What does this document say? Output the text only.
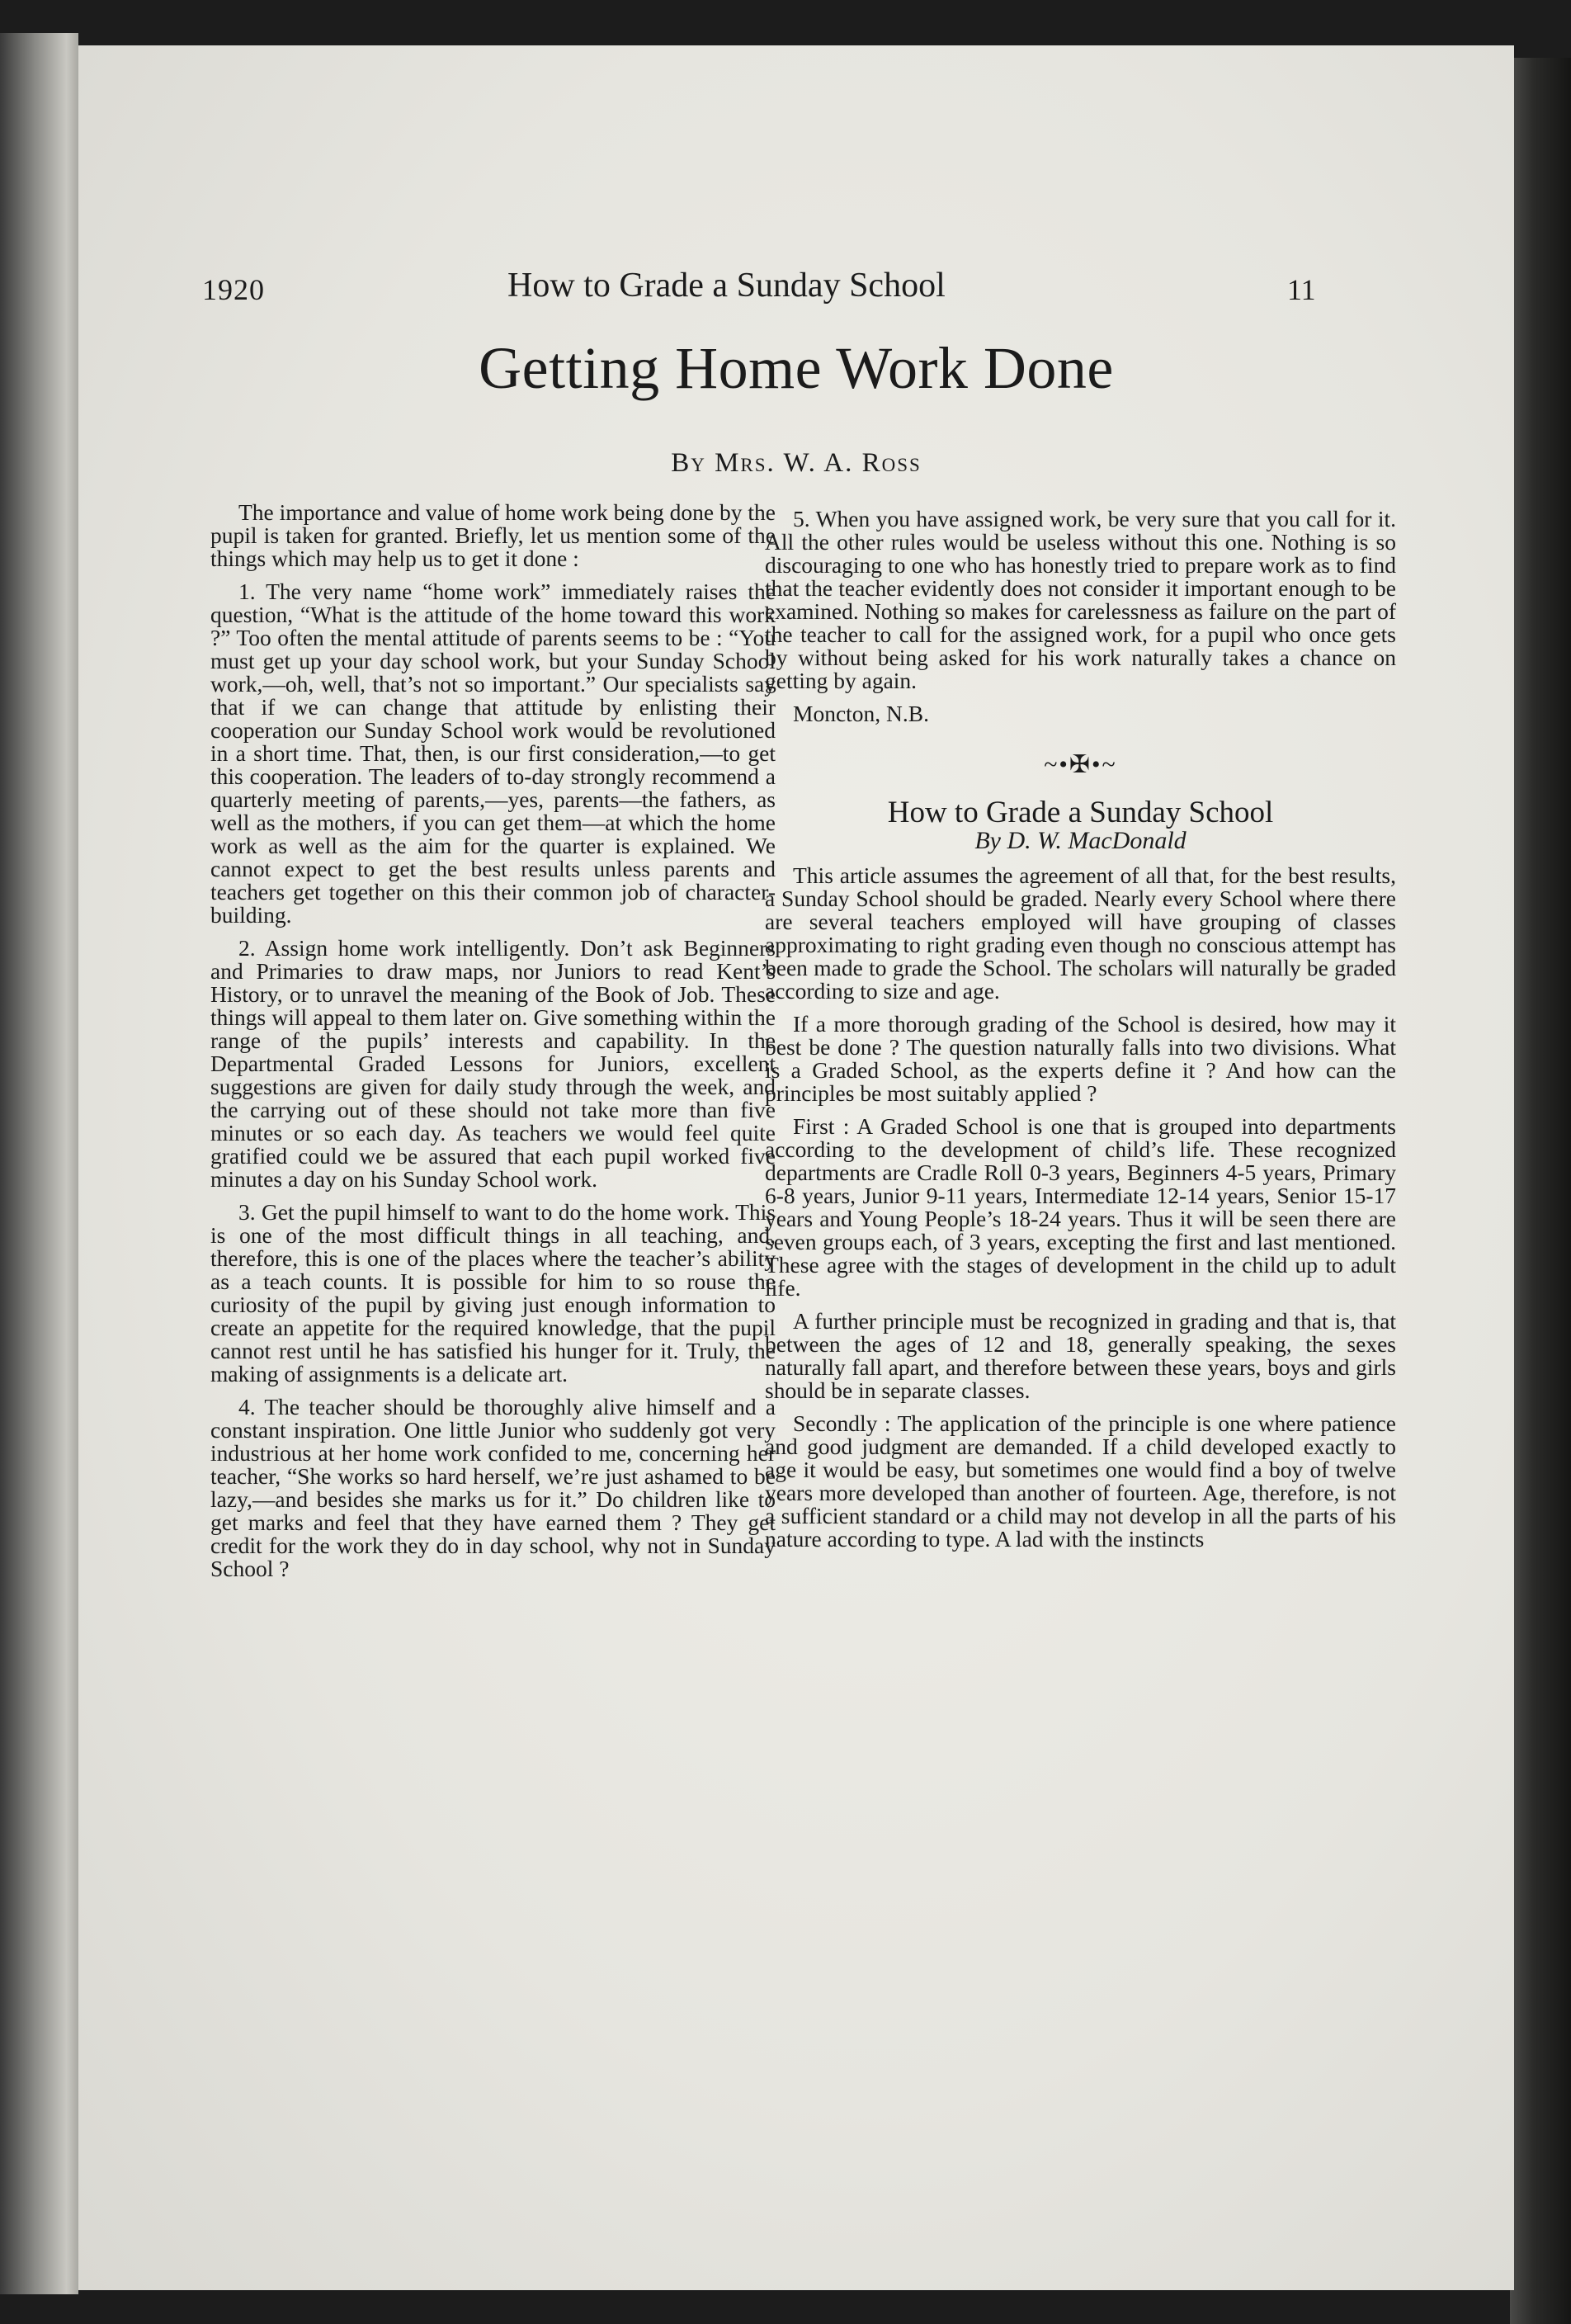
1920	How to Grade a Sunday School	11
Getting Home Work Done
By Mrs. W. A. Ross

The importance and value of home work being done by the pupil is taken for granted. Briefly, let us mention some of the things which may help us to get it done :

1. The very name “home work” immediately raises the question, “What is the attitude of the home toward this work ?” Too often the mental attitude of parents seems to be : “You must get up your day school work, but your Sunday School work,—oh, well, that’s not so important.” Our specialists say that if we can change that attitude by enlisting their cooperation our Sunday School work would be revolutioned in a short time. That, then, is our first consideration,—to get this cooperation. The leaders of to-day strongly recommend a quarterly meeting of parents,—yes, parents—the fathers, as well as the mothers, if you can get them—at which the home work as well as the aim for the quarter is explained. We cannot expect to get the best results unless parents and teachers get together on this their common job of character-building.

2. Assign home work intelligently. Don’t ask Beginners and Primaries to draw maps, nor Juniors to read Kent’s History, or to unravel the meaning of the Book of Job. These things will appeal to them later on. Give something within the range of the pupils’ interests and capability. In the Departmental Graded Lessons for Juniors, excellent suggestions are given for daily study through the week, and the carrying out of these should not take more than five minutes or so each day. As teachers we would feel quite gratified could we be assured that each pupil worked five minutes a day on his Sunday School work.

3. Get the pupil himself to want to do the home work. This is one of the most difficult things in all teaching, and, therefore, this is one of the places where the teacher’s ability as a teach counts. It is possible for him to so rouse the curiosity of the pupil by giving just enough information to create an appetite for the required knowledge, that the pupil cannot rest until he has satisfied his hunger for it. Truly, the making of assignments is a delicate art.

4. The teacher should be thoroughly alive himself and a constant inspiration. One little Junior who suddenly got very industrious at her home work confided to me, concerning her teacher, “She works so hard herself, we’re just ashamed to be lazy,—and besides she marks us for it.” Do children like to get marks and feel that they have earned them ? They get credit for the work they do in day school, why not in Sunday School ?

5. When you have assigned work, be very sure that you call for it. All the other rules would be useless without this one. Nothing is so discouraging to one who has honestly tried to prepare work as to find that the teacher evidently does not consider it important enough to be examined. Nothing so makes for carelessness as failure on the part of the teacher to call for the assigned work, for a pupil who once gets by without being asked for his work naturally takes a chance on getting by again.

Moncton, N.B.
~•✠•~
How to Grade a Sunday School
By D. W. MacDonald

This article assumes the agreement of all that, for the best results, a Sunday School should be graded. Nearly every School where there are several teachers employed will have grouping of classes approximating to right grading even though no conscious attempt has been made to grade the School. The scholars will naturally be graded according to size and age.

If a more thorough grading of the School is desired, how may it best be done ? The question naturally falls into two divisions. What is a Graded School, as the experts define it ? And how can the principles be most suitably applied ?

First : A Graded School is one that is grouped into departments according to the development of child’s life. These recognized departments are Cradle Roll 0-3 years, Beginners 4-5 years, Primary 6-8 years, Junior 9-11 years, Intermediate 12-14 years, Senior 15-17 years and Young People’s 18-24 years. Thus it will be seen there are seven groups each, of 3 years, excepting the first and last mentioned. These agree with the stages of development in the child up to adult life.

A further principle must be recognized in grading and that is, that between the ages of 12 and 18, generally speaking, the sexes naturally fall apart, and therefore between these years, boys and girls should be in separate classes.

Secondly : The application of the principle is one where patience and good judgment are demanded. If a child developed exactly to age it would be easy, but sometimes one would find a boy of twelve years more developed than another of fourteen. Age, therefore, is not a sufficient standard or a child may not develop in all the parts of his nature according to type. A lad with the instincts
